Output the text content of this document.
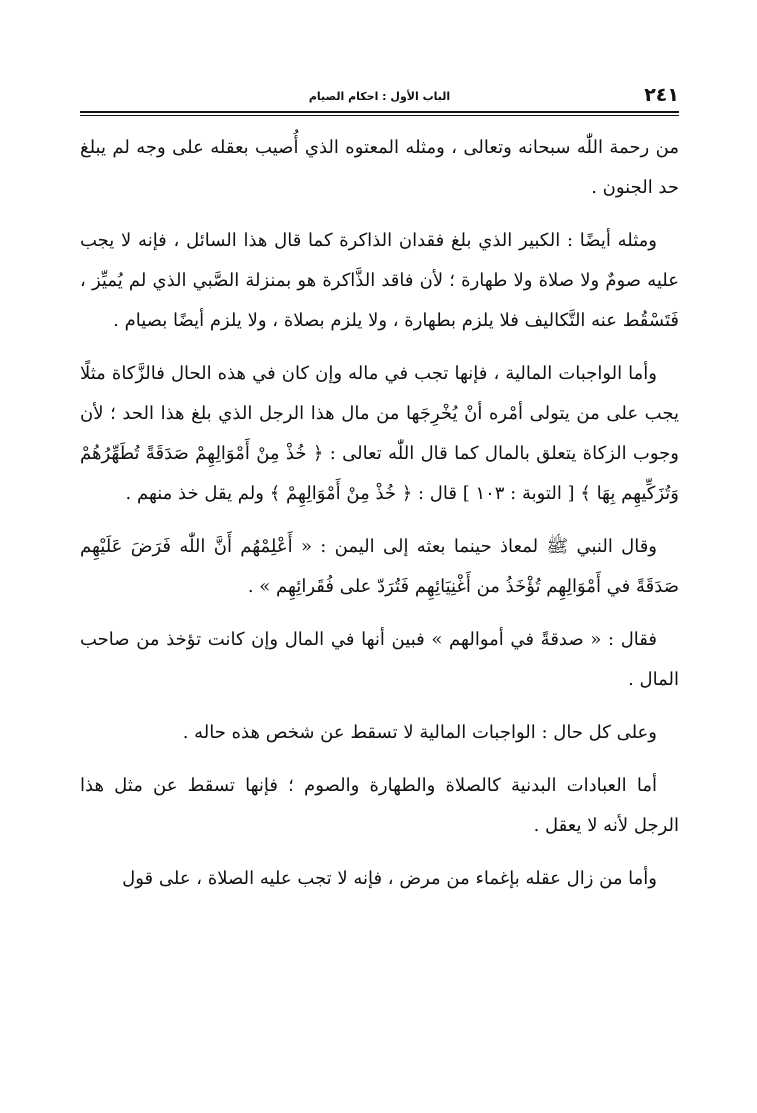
٢٤١
الباب الأول : احكام الصيام

من رحمة اللّٰه سبحانه وتعالى ، ومثله المعتوه الذي أُصيب بعقله على وجه لم يبلغ حد الجنون .

ومثله أيضًا : الكبير الذي بلغ فقدان الذاكرة كما قال هذا السائل ، فإنه لا يجب عليه صومٌ ولا صلاة ولا طهارة ؛ لأن فاقد الذَّاكرة هو بمنزلة الصَّبي الذي لم يُميِّز ، فَتَسْقُط عنه التَّكاليف فلا يلزم بطهارة ، ولا يلزم بصلاة ، ولا يلزم أيضًا بصيام .

وأما الواجبات المالية ، فإنها تجب في ماله وإن كان في هذه الحال فالزَّكاة مثلًا يجب على من يتولى أمْره أنْ يُخْرِجَها من مال هذا الرجل الذي بلغ هذا الحد ؛ لأن وجوب الزكاة يتعلق بالمال كما قال اللّٰه تعالى : ﴿ خُذْ مِنْ أَمْوَالِهِمْ صَدَقَةً تُطَهِّرُهُمْ وَتُزَكِّيهِم بِهَا ﴾ [ التوبة : ١٠٣ ] قال : ﴿ خُذْ مِنْ أَمْوَالِهِمْ ﴾ ولم يقل خذ منهم .

وقال النبي ﷺ لمعاذ حينما بعثه إلى اليمن : « أَعْلِمْهُم أَنَّ اللّٰه فَرَضَ عَلَيْهِم صَدَقَةً في أَمْوَالِهِم تُؤْخَذُ من أَغْنِيَائِهِم فَتُرَدّ على فُقَرائِهِم » .

فقال : « صدقةً في أموالهم » فبين أنها في المال وإن كانت تؤخذ من صاحب المال .

وعلى كل حال : الواجبات المالية لا تسقط عن شخص هذه حاله .

أما العبادات البدنية كالصلاة والطهارة والصوم ؛ فإنها تسقط عن مثل هذا الرجل لأنه لا يعقل .

وأما من زال عقله بإغماء من مرض ، فإنه لا تجب عليه الصلاة ، على قول
